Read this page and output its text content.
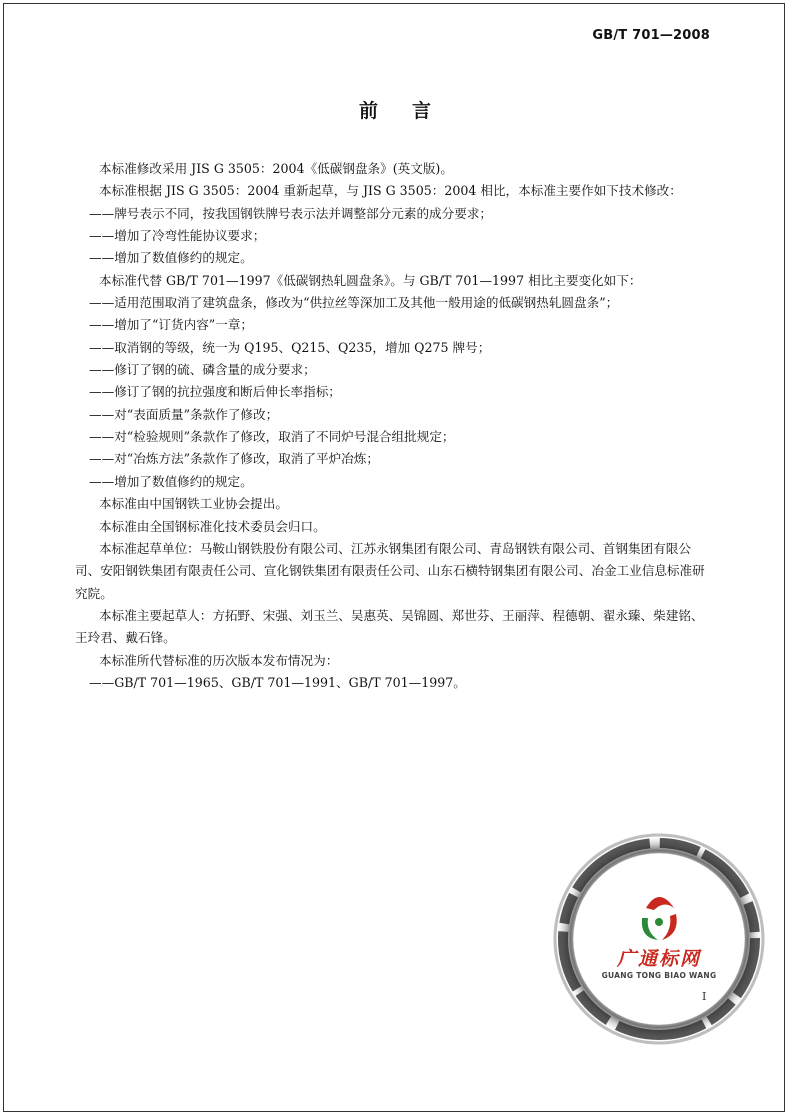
GB/T 701—2008
前言

本标准修改采用 JIS G 3505：2004《低碳钢盘条》(英文版)。

本标准根据 JIS G 3505：2004 重新起草，与 JIS G 3505：2004 相比，本标准主要作如下技术修改：

——牌号表示不同，按我国钢铁牌号表示法并调整部分元素的成分要求；

——增加了冷弯性能协议要求；

——增加了数值修约的规定。

本标准代替 GB/T 701—1997《低碳钢热轧圆盘条》。与 GB/T 701—1997 相比主要变化如下：

——适用范围取消了建筑盘条，修改为“供拉丝等深加工及其他一般用途的低碳钢热轧圆盘条”；

——增加了“订货内容”一章；

——取消钢的等级，统一为 Q195、Q215、Q235，增加 Q275 牌号；

——修订了钢的硫、磷含量的成分要求；

——修订了钢的抗拉强度和断后伸长率指标；

——对“表面质量”条款作了修改；

——对“检验规则”条款作了修改，取消了不同炉号混合组批规定；

——对“冶炼方法”条款作了修改，取消了平炉冶炼；

——增加了数值修约的规定。

本标准由中国钢铁工业协会提出。

本标准由全国钢标准化技术委员会归口。

本标准起草单位：马鞍山钢铁股份有限公司、江苏永钢集团有限公司、青岛钢铁有限公司、首钢集团有限公司、安阳钢铁集团有限责任公司、宣化钢铁集团有限责任公司、山东石横特钢集团有限公司、冶金工业信息标准研究院。

本标准主要起草人：方拓野、宋强、刘玉兰、吴惠英、吴锦圆、郑世芬、王丽萍、程德朝、翟永臻、柴建铭、王玲君、戴石锋。

本标准所代替标准的历次版本发布情况为：

——GB/T 701—1965、GB/T 701—1991、GB/T 701—1997。

广通标网
GUANG TONG BIAO WANG
I
